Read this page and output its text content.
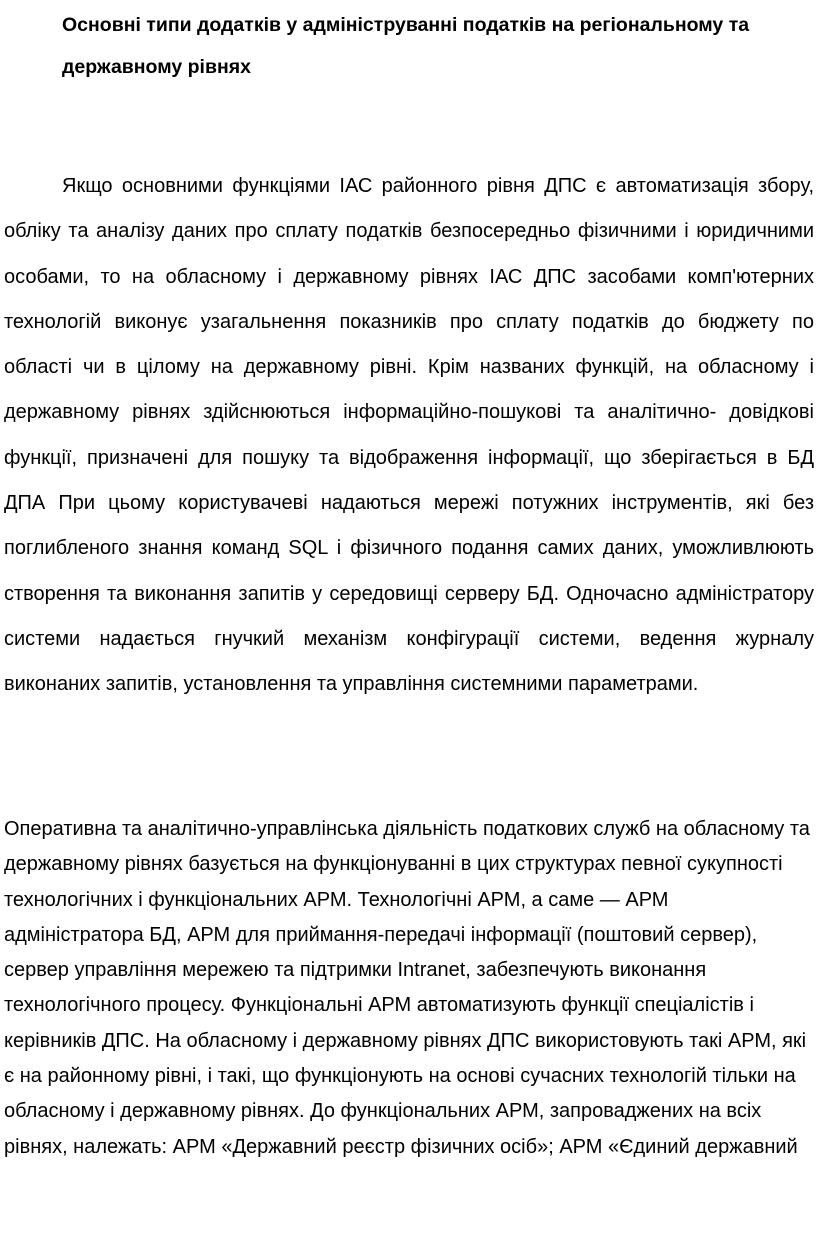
Основні типи додатків у адмініструванні податків на регіональному та державному рівнях

Якщо основними функціями ІАС районного рівня ДПС є автоматизація збору, обліку та аналізу даних про сплату податків безпосередньо фізичними і юридичними особами, то на обласному і державному рівнях ІАС ДПС засобами комп'ютерних технологій виконує узагальнення показників про сплату податків до бюджету по області чи в цілому на державному рівні. Крім названих функцій, на обласному і державному рівнях здійснюються інформаційно-пошукові та аналітично- довідкові функції, призначені для пошуку та відображення інформації, що зберігається в БД ДПА При цьому користувачеві надаються мережі потужних інструментів, які без поглибленого знання команд SQL і фізичного подання самих даних, уможливлюють створення та виконання запитів у середовищі серверу БД. Одночасно адміністратору системи надається гнучкий механізм конфігурації системи, ведення журналу виконаних запитів, установлення та управління системними параметрами.

Оперативна та аналітично-управлінська діяльність податкових служб на обласному та державному рівнях базується на функціонуванні в цих структурах певної сукупності технологічних і функціональних АРМ. Технологічні АРМ, а саме — АРМ адміністратора БД, АРМ для приймання-передачі інформації (поштовий сервер), сервер управління мережею та підтримки Intranet, забезпечують виконання технологічного процесу. Функціональні АРМ автоматизують функції спеціалістів і керівників ДПС. На обласному і державному рівнях ДПС використовують такі АРМ, які є на районному рівні, і такі, що функціонують на основі сучасних технологій тільки на обласному і державному рівнях. До функціональних АРМ, запроваджених на всіх рівнях, належать: АРМ «Державний реєстр фізичних осіб»; АРМ «Єдиний державний
